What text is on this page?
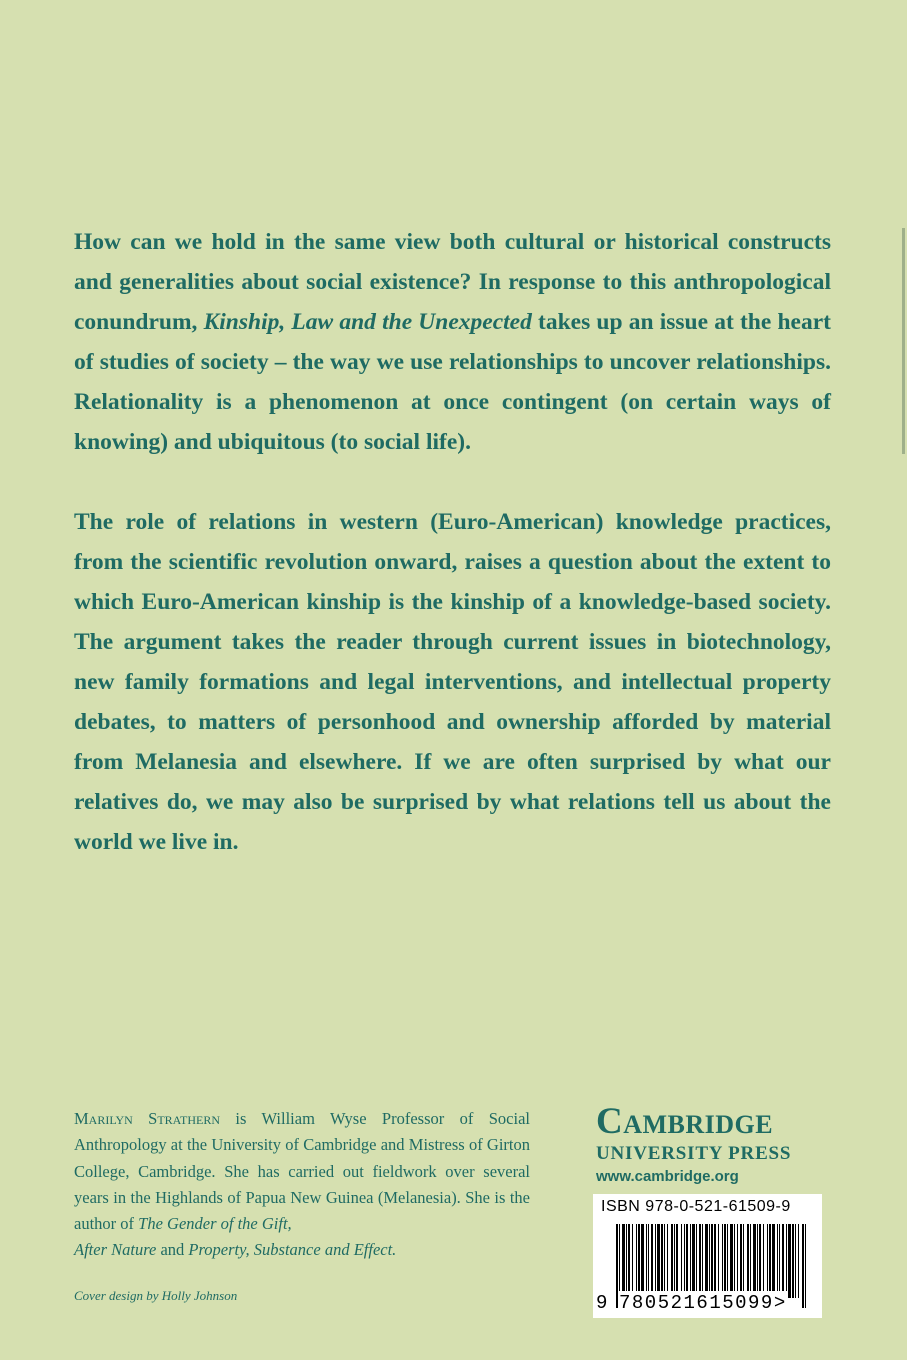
How can we hold in the same view both cultural or historical constructs and generalities about social existence? In response to this anthropological conundrum, Kinship, Law and the Unexpected takes up an issue at the heart of studies of society – the way we use relationships to uncover relationships. Relationality is a phenomenon at once contingent (on certain ways of knowing) and ubiquitous (to social life).

The role of relations in western (Euro-American) knowledge practices, from the scientific revolution onward, raises a question about the extent to which Euro-American kinship is the kinship of a knowledge-based society. The argument takes the reader through current issues in biotechnology, new family formations and legal interventions, and intellectual property debates, to matters of personhood and ownership afforded by material from Melanesia and elsewhere. If we are often surprised by what our relatives do, we may also be surprised by what relations tell us about the world we live in.

Marilyn Strathern is William Wyse Professor of Social Anthropology at the University of Cambridge and Mistress of Girton College, Cambridge. She has carried out fieldwork over several years in the Highlands of Papua New Guinea (Melanesia). She is the author of The Gender of the Gift,
After Nature and Property, Substance and Effect.

Cover design by Holly Johnson

Cambridge
UNIVERSITY PRESS
www.cambridge.org

ISBN 978-0-521-61509-9

9 780521615099>
